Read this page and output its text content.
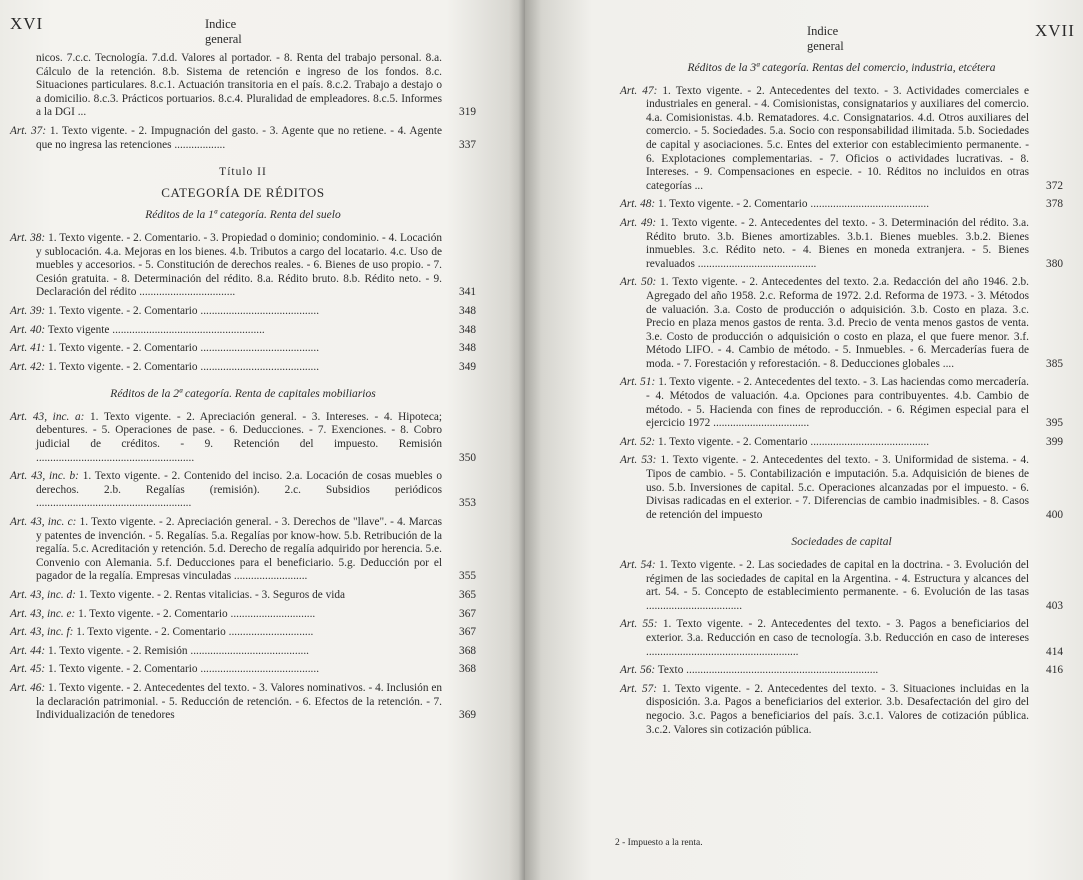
XVI	Indice general
nicos. 7.c.c. Tecnología. 7.d.d. Valores al portador. - 8. Renta del trabajo personal. 8.a. Cálculo de la retención. 8.b. Sistema de retención e ingreso de los fondos. 8.c. Situaciones particulares. 8.c.1. Actuación transitoria en el país. 8.c.2. Trabajo a destajo o a domicilio. 8.c.3. Prácticos portuarios. 8.c.4. Pluralidad de empleadores. 8.c.5. Informes a la DGI ...	319
Art. 37: 1. Texto vigente. - 2. Impugnación del gasto. - 3. Agente que no retiene. - 4. Agente que no ingresa las retenciones ..................	337
Título II
CATEGORÍA DE RÉDITOS
Réditos de la 1ª categoría. Renta del suelo
Art. 38: 1. Texto vigente. - 2. Comentario. - 3. Propiedad o dominio; condominio. - 4. Locación y sublocación. 4.a. Mejoras en los bienes. 4.b. Tributos a cargo del locatario. 4.c. Uso de muebles y accesorios. - 5. Constitución de derechos reales. - 6. Bienes de uso propio. - 7. Cesión gratuita. - 8. Determinación del rédito. 8.a. Rédito bruto. 8.b. Rédito neto. - 9. Declaración del rédito ..................................	341
Art. 39: 1. Texto vigente. - 2. Comentario ..........................................	348
Art. 40: Texto vigente ......................................................	348
Art. 41: 1. Texto vigente. - 2. Comentario ..........................................	348
Art. 42: 1. Texto vigente. - 2. Comentario ..........................................	349
Réditos de la 2ª categoría. Renta de capitales mobiliarios
Art. 43, inc. a: 1. Texto vigente. - 2. Apreciación general. - 3. Intereses. - 4. Hipoteca; debentures. - 5. Operaciones de pase. - 6. Deducciones. - 7. Exenciones. - 8. Cobro judicial de créditos. - 9. Retención del impuesto. Remisión ........................................................	350
Art. 43, inc. b: 1. Texto vigente. - 2. Contenido del inciso. 2.a. Locación de cosas muebles o derechos. 2.b. Regalías (remisión). 2.c. Subsidios periódicos .......................................................	353
Art. 43, inc. c: 1. Texto vigente. - 2. Apreciación general. - 3. Derechos de "llave". - 4. Marcas y patentes de invención. - 5. Regalías. 5.a. Regalías por know-how. 5.b. Retribución de la regalía. 5.c. Acreditación y retención. 5.d. Derecho de regalía adquirido por herencia. 5.e. Convenio con Alemania. 5.f. Deducciones para el beneficiario. 5.g. Deducción por el pagador de la regalía. Empresas vinculadas ..........................	355
Art. 43, inc. d: 1. Texto vigente. - 2. Rentas vitalicias. - 3. Seguros de vida	365
Art. 43, inc. e: 1. Texto vigente. - 2. Comentario ..............................	367
Art. 43, inc. f: 1. Texto vigente. - 2. Comentario ..............................	367
Art. 44: 1. Texto vigente. - 2. Remisión ..........................................	368
Art. 45: 1. Texto vigente. - 2. Comentario ..........................................	368
Art. 46: 1. Texto vigente. - 2. Antecedentes del texto. - 3. Valores nominativos. - 4. Inclusión en la declaración patrimonial. - 5. Reducción de retención. - 6. Efectos de la retención. - 7. Individualización de tenedores	369
Indice general
XVII
Réditos de la 3ª categoría. Rentas del comercio, industria, etcétera
Art. 47: 1. Texto vigente. - 2. Antecedentes del texto. - 3. Actividades comerciales e industriales en general. - 4. Comisionistas, consignatarios y auxiliares del comercio. 4.a. Comisionistas. 4.b. Rematadores. 4.c. Consignatarios. 4.d. Otros auxiliares del comercio. - 5. Sociedades. 5.a. Socio con responsabilidad ilimitada. 5.b. Sociedades de capital y asociaciones. 5.c. Entes del exterior con establecimiento permanente. - 6. Explotaciones complementarias. - 7. Oficios o actividades lucrativas. - 8. Intereses. - 9. Compensaciones en especie. - 10. Réditos no incluidos en otras categorías ...	372
Art. 48: 1. Texto vigente. - 2. Comentario ..........................................	378
Art. 49: 1. Texto vigente. - 2. Antecedentes del texto. - 3. Determinación del rédito. 3.a. Rédito bruto. 3.b. Bienes amortizables. 3.b.1. Bienes muebles. 3.b.2. Bienes inmuebles. 3.c. Rédito neto. - 4. Bienes en moneda extranjera. - 5. Bienes revaluados ..........................................	380
Art. 50: 1. Texto vigente. - 2. Antecedentes del texto. 2.a. Redacción del año 1946. 2.b. Agregado del año 1958. 2.c. Reforma de 1972. 2.d. Reforma de 1973. - 3. Métodos de valuación. 3.a. Costo de producción o adquisición. 3.b. Costo en plaza. 3.c. Precio en plaza menos gastos de renta. 3.d. Precio de venta menos gastos de venta. 3.e. Costo de producción o adquisición o costo en plaza, el que fuere menor. 3.f. Método LIFO. - 4. Cambio de método. - 5. Inmuebles. - 6. Mercaderías fuera de moda. - 7. Forestación y reforestación. - 8. Deducciones globales ....	385
Art. 51: 1. Texto vigente. - 2. Antecedentes del texto. - 3. Las haciendas como mercadería. - 4. Métodos de valuación. 4.a. Opciones para contribuyentes. 4.b. Cambio de método. - 5. Hacienda con fines de reproducción. - 6. Régimen especial para el ejercicio 1972 ..................................	395
Art. 52: 1. Texto vigente. - 2. Comentario ..........................................	399
Art. 53: 1. Texto vigente. - 2. Antecedentes del texto. - 3. Uniformidad de sistema. - 4. Tipos de cambio. - 5. Contabilización e imputación. 5.a. Adquisición de bienes de uso. 5.b. Inversiones de capital. 5.c. Operaciones alcanzadas por el impuesto. - 6. Divisas radicadas en el exterior. - 7. Diferencias de cambio inadmisibles. - 8. Casos de retención del impuesto	400
Sociedades de capital
Art. 54: 1. Texto vigente. - 2. Las sociedades de capital en la doctrina. - 3. Evolución del régimen de las sociedades de capital en la Argentina. - 4. Estructura y alcances del art. 54. - 5. Concepto de establecimiento permanente. - 6. Evolución de las tasas ..................................	403
Art. 55: 1. Texto vigente. - 2. Antecedentes del texto. - 3. Pagos a beneficiarios del exterior. 3.a. Reducción en caso de tecnología. 3.b. Reducción en caso de intereses ......................................................	414
Art. 56: Texto ....................................................................	416
Art. 57: 1. Texto vigente. - 2. Antecedentes del texto. - 3. Situaciones incluidas en la disposición. 3.a. Pagos a beneficiarios del exterior. 3.b. Desafectación del giro del negocio. 3.c. Pagos a beneficiarios del país. 3.c.1. Valores de cotización pública. 3.c.2. Valores sin cotización pública.
2 - Impuesto a la renta.
